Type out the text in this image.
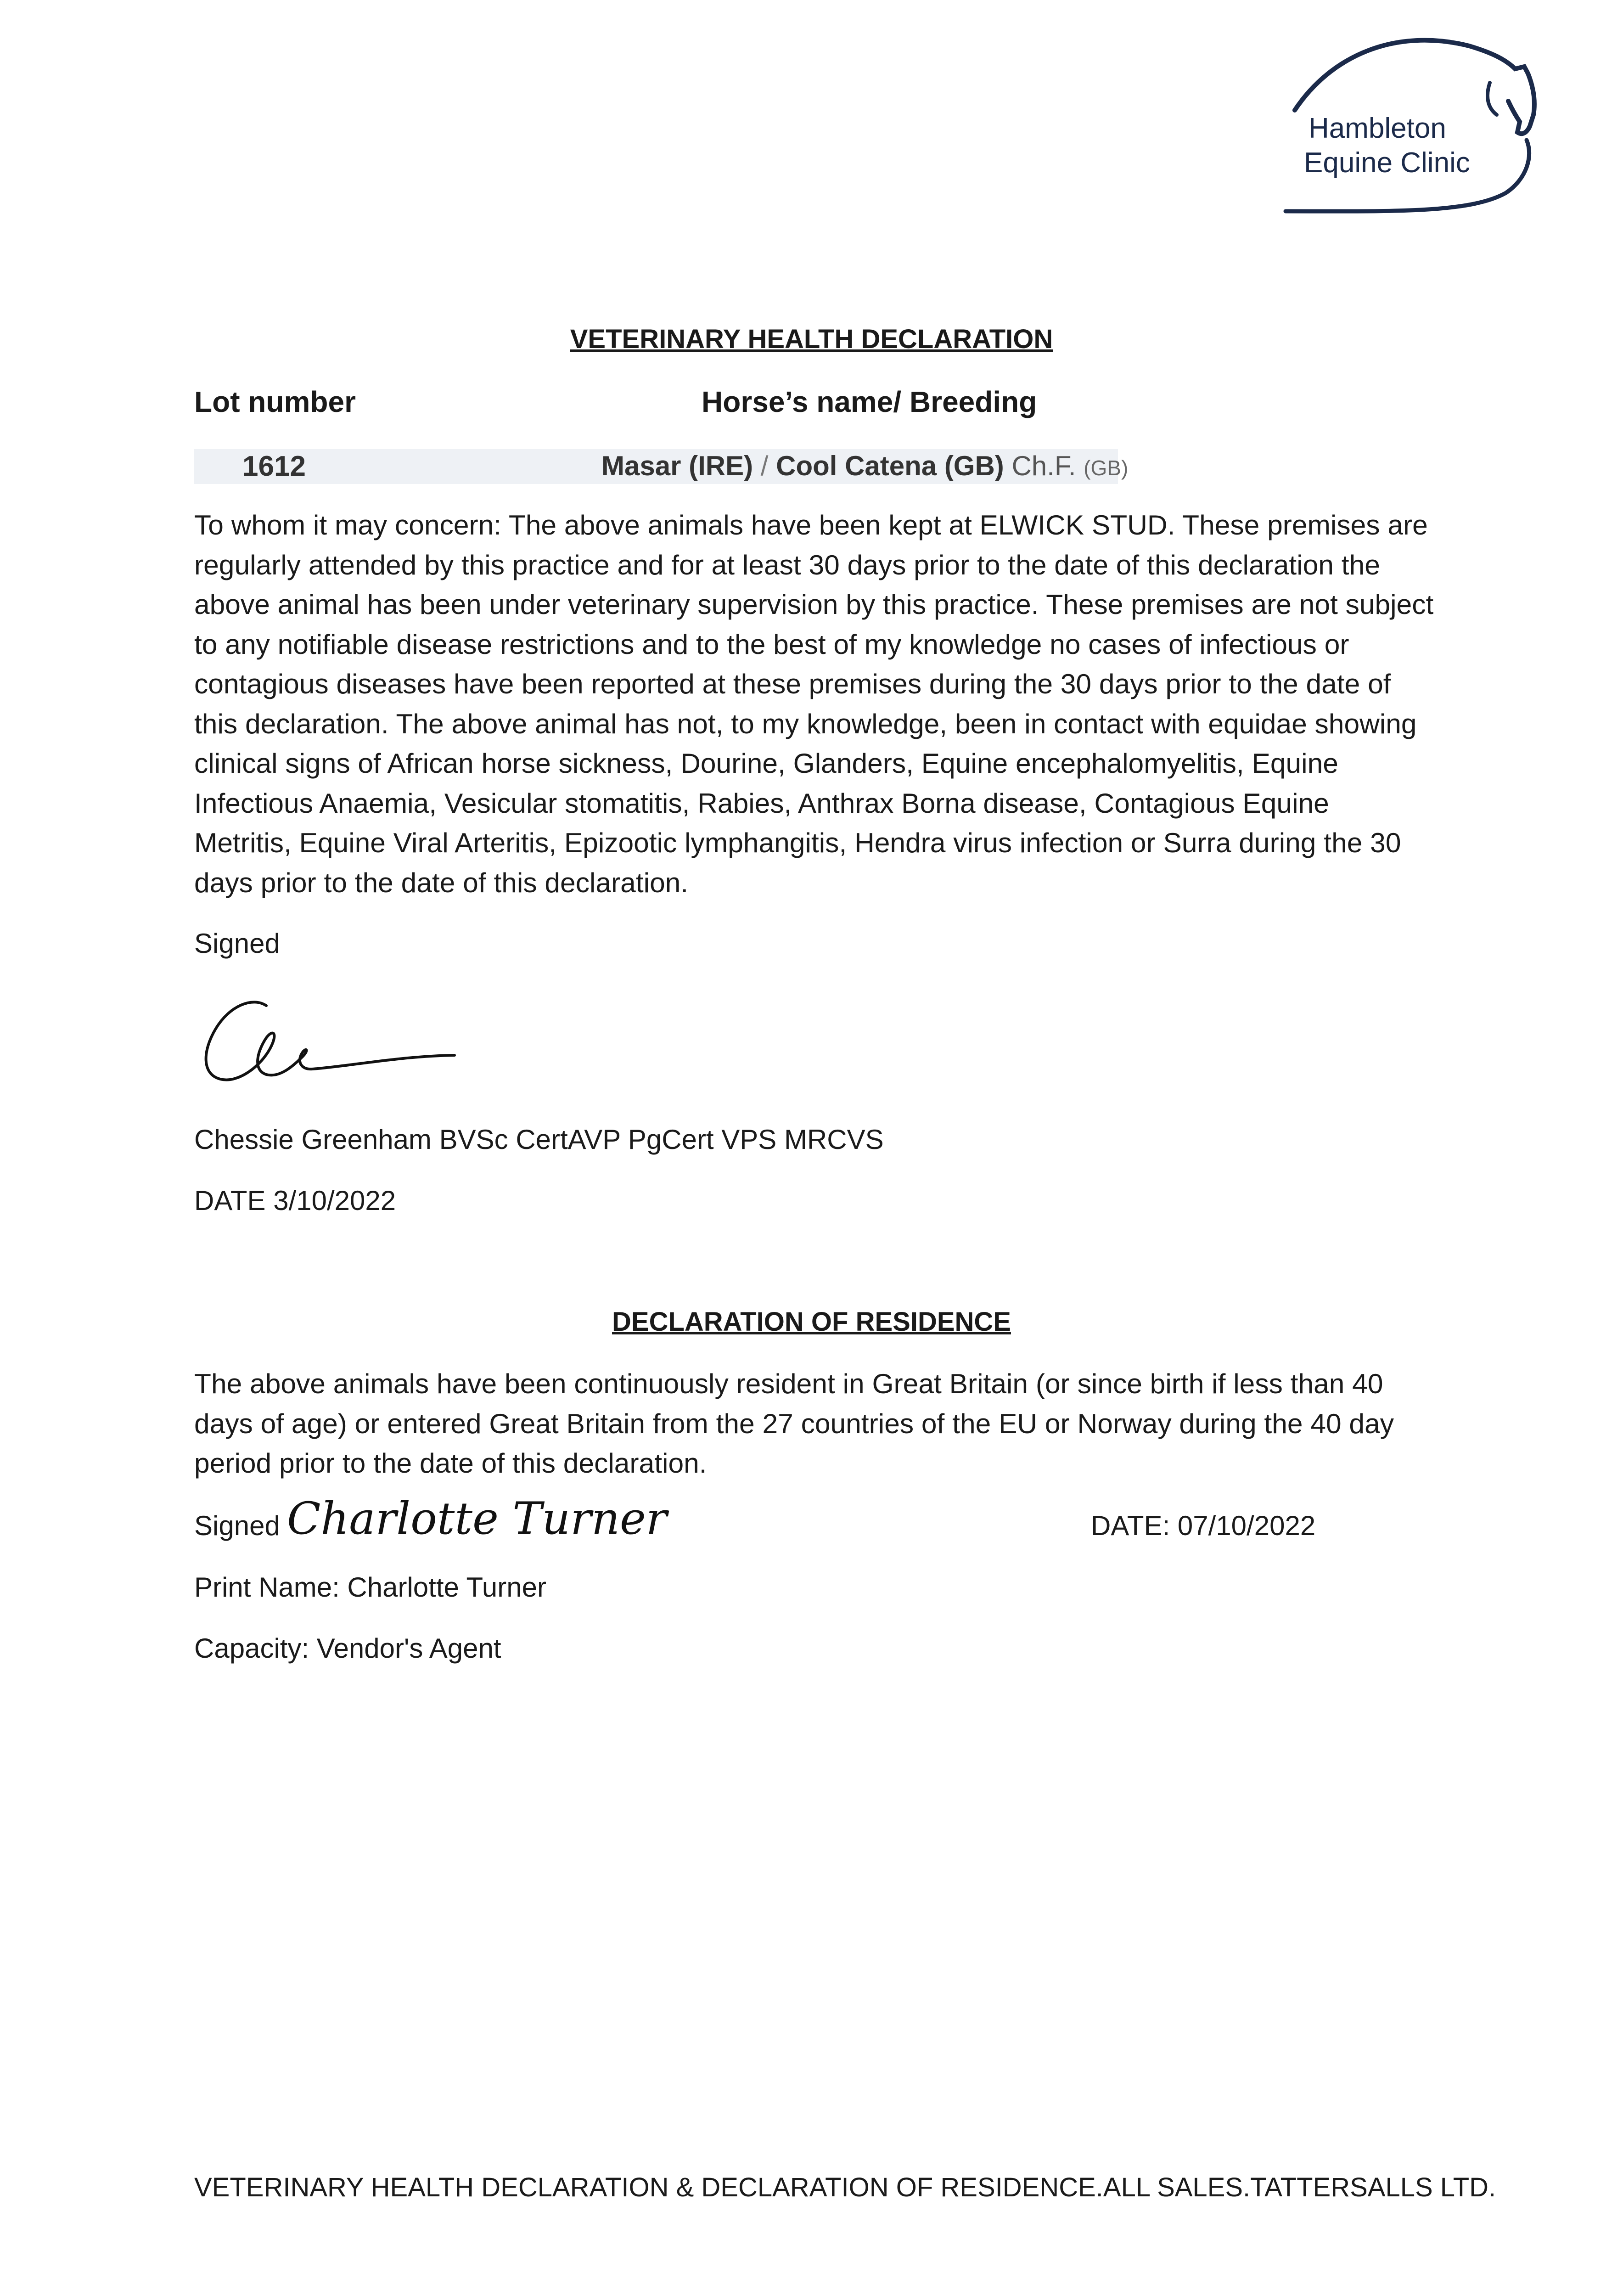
Hambleton
Equine Clinic
VETERINARY HEALTH DECLARATION
Lot number	Horse’s name/ Breeding
1612	Masar (IRE) / Cool Catena (GB) Ch.F. (GB)
To whom it may concern: The above animals have been kept at ELWICK STUD. These premises are regularly attended by this practice and for at least 30 days prior to the date of this declaration the above animal has been under veterinary supervision by this practice. These premises are not subject to any notifiable disease restrictions and to the best of my knowledge no cases of infectious or contagious diseases have been reported at these premises during the 30 days prior to the date of this declaration. The above animal has not, to my knowledge, been in contact with equidae showing clinical signs of African horse sickness, Dourine, Glanders, Equine encephalomyelitis, Equine Infectious Anaemia, Vesicular stomatitis, Rabies, Anthrax Borna disease, Contagious Equine Metritis, Equine Viral Arteritis, Epizootic lymphangitis, Hendra virus infection or Surra during the 30 days prior to the date of this declaration.
Signed
Chessie Greenham BVSc CertAVP PgCert VPS MRCVS
DATE 3/10/2022
DECLARATION OF RESIDENCE
The above animals have been continuously resident in Great Britain (or since birth if less than 40 days of age) or entered Great Britain from the 27 countries of the EU or Norway during the 40 day period prior to the date of this declaration.
Signed Charlotte Turner	DATE: 07/10/2022
Print Name: Charlotte Turner
Capacity: Vendor's Agent
VETERINARY HEALTH DECLARATION & DECLARATION OF RESIDENCE.ALL SALES.TATTERSALLS LTD.
